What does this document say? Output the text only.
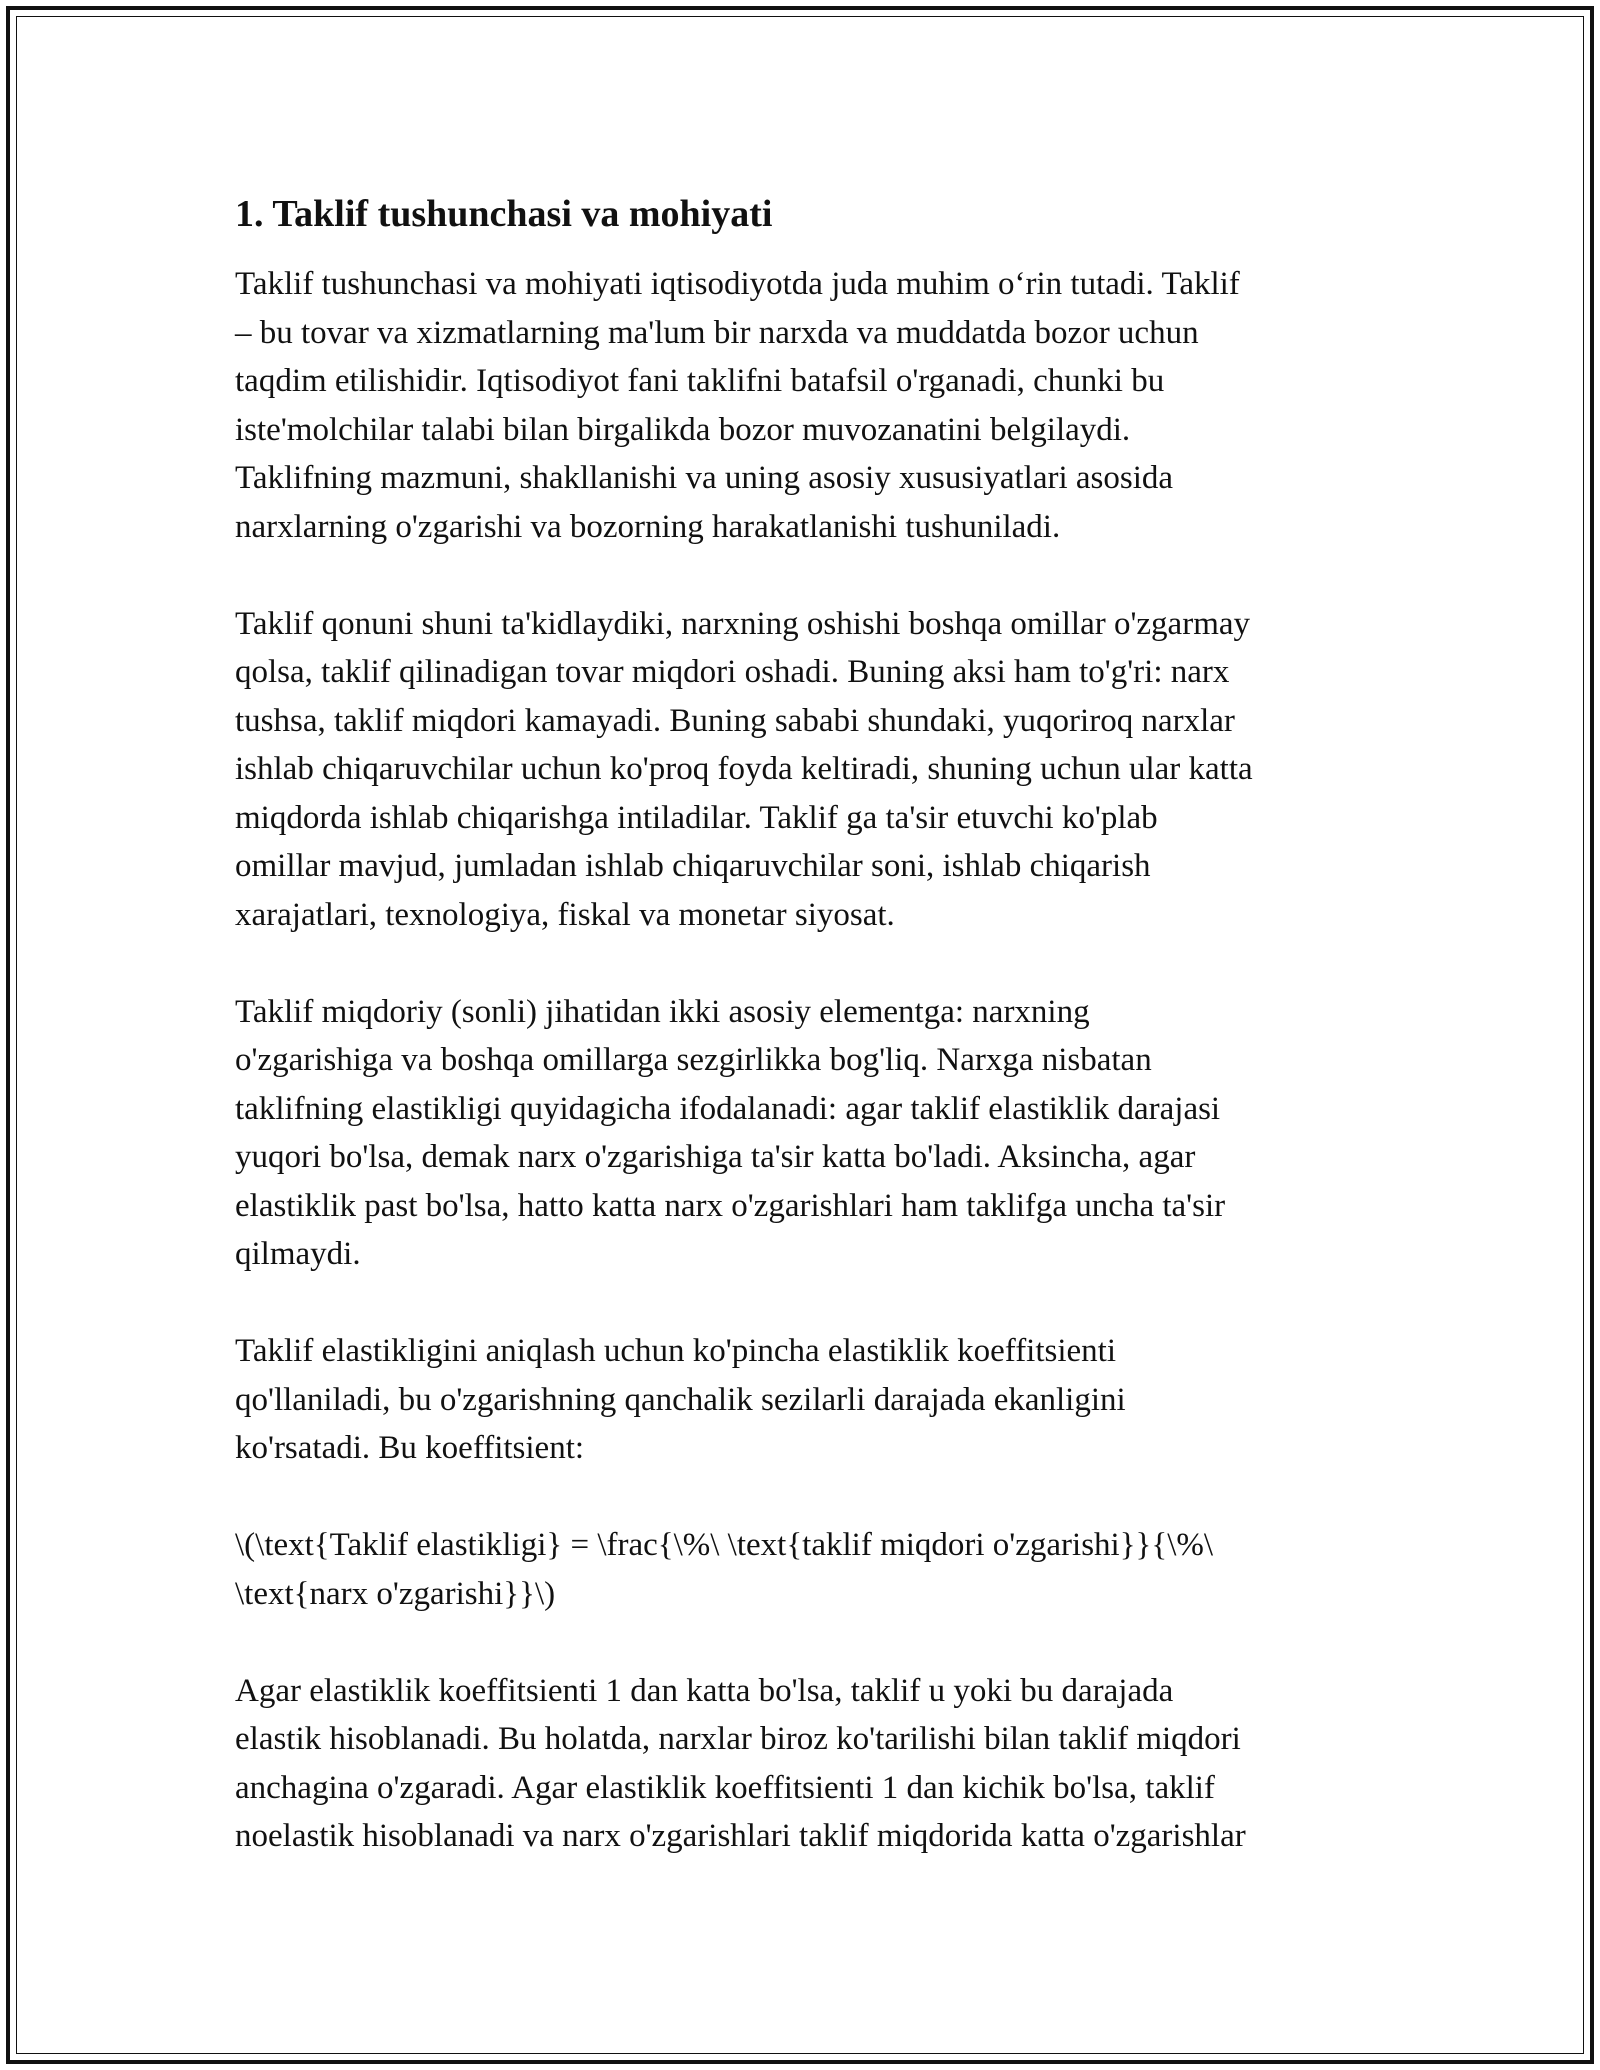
1. Taklif tushunchasi va mohiyati

Taklif tushunchasi va mohiyati iqtisodiyotda juda muhim o‘rin tutadi. Taklif
– bu tovar va xizmatlarning ma'lum bir narxda va muddatda bozor uchun
taqdim etilishidir. Iqtisodiyot fani taklifni batafsil o'rganadi, chunki bu
iste'molchilar talabi bilan birgalikda bozor muvozanatini belgilaydi.
Taklifning mazmuni, shakllanishi va uning asosiy xususiyatlari asosida
narxlarning o'zgarishi va bozorning harakatlanishi tushuniladi.

Taklif qonuni shuni ta'kidlaydiki, narxning oshishi boshqa omillar o'zgarmay
qolsa, taklif qilinadigan tovar miqdori oshadi. Buning aksi ham to'g'ri: narx
tushsa, taklif miqdori kamayadi. Buning sababi shundaki, yuqoriroq narxlar
ishlab chiqaruvchilar uchun ko'proq foyda keltiradi, shuning uchun ular katta
miqdorda ishlab chiqarishga intiladilar. Taklif ga ta'sir etuvchi ko'plab
omillar mavjud, jumladan ishlab chiqaruvchilar soni, ishlab chiqarish
xarajatlari, texnologiya, fiskal va monetar siyosat.

Taklif miqdoriy (sonli) jihatidan ikki asosiy elementga: narxning
o'zgarishiga va boshqa omillarga sezgirlikka bog'liq. Narxga nisbatan
taklifning elastikligi quyidagicha ifodalanadi: agar taklif elastiklik darajasi
yuqori bo'lsa, demak narx o'zgarishiga ta'sir katta bo'ladi. Aksincha, agar
elastiklik past bo'lsa, hatto katta narx o'zgarishlari ham taklifga uncha ta'sir
qilmaydi.

Taklif elastikligini aniqlash uchun ko'pincha elastiklik koeffitsienti
qo'llaniladi, bu o'zgarishning qanchalik sezilarli darajada ekanligini
ko'rsatadi. Bu koeffitsient:

\(\text{Taklif elastikligi} = \frac{\%\ \text{taklif miqdori o'zgarishi}}{\%\
\text{narx o'zgarishi}}\)

Agar elastiklik koeffitsienti 1 dan katta bo'lsa, taklif u yoki bu darajada
elastik hisoblanadi. Bu holatda, narxlar biroz ko'tarilishi bilan taklif miqdori
anchagina o'zgaradi. Agar elastiklik koeffitsienti 1 dan kichik bo'lsa, taklif
noelastik hisoblanadi va narx o'zgarishlari taklif miqdorida katta o'zgarishlar
